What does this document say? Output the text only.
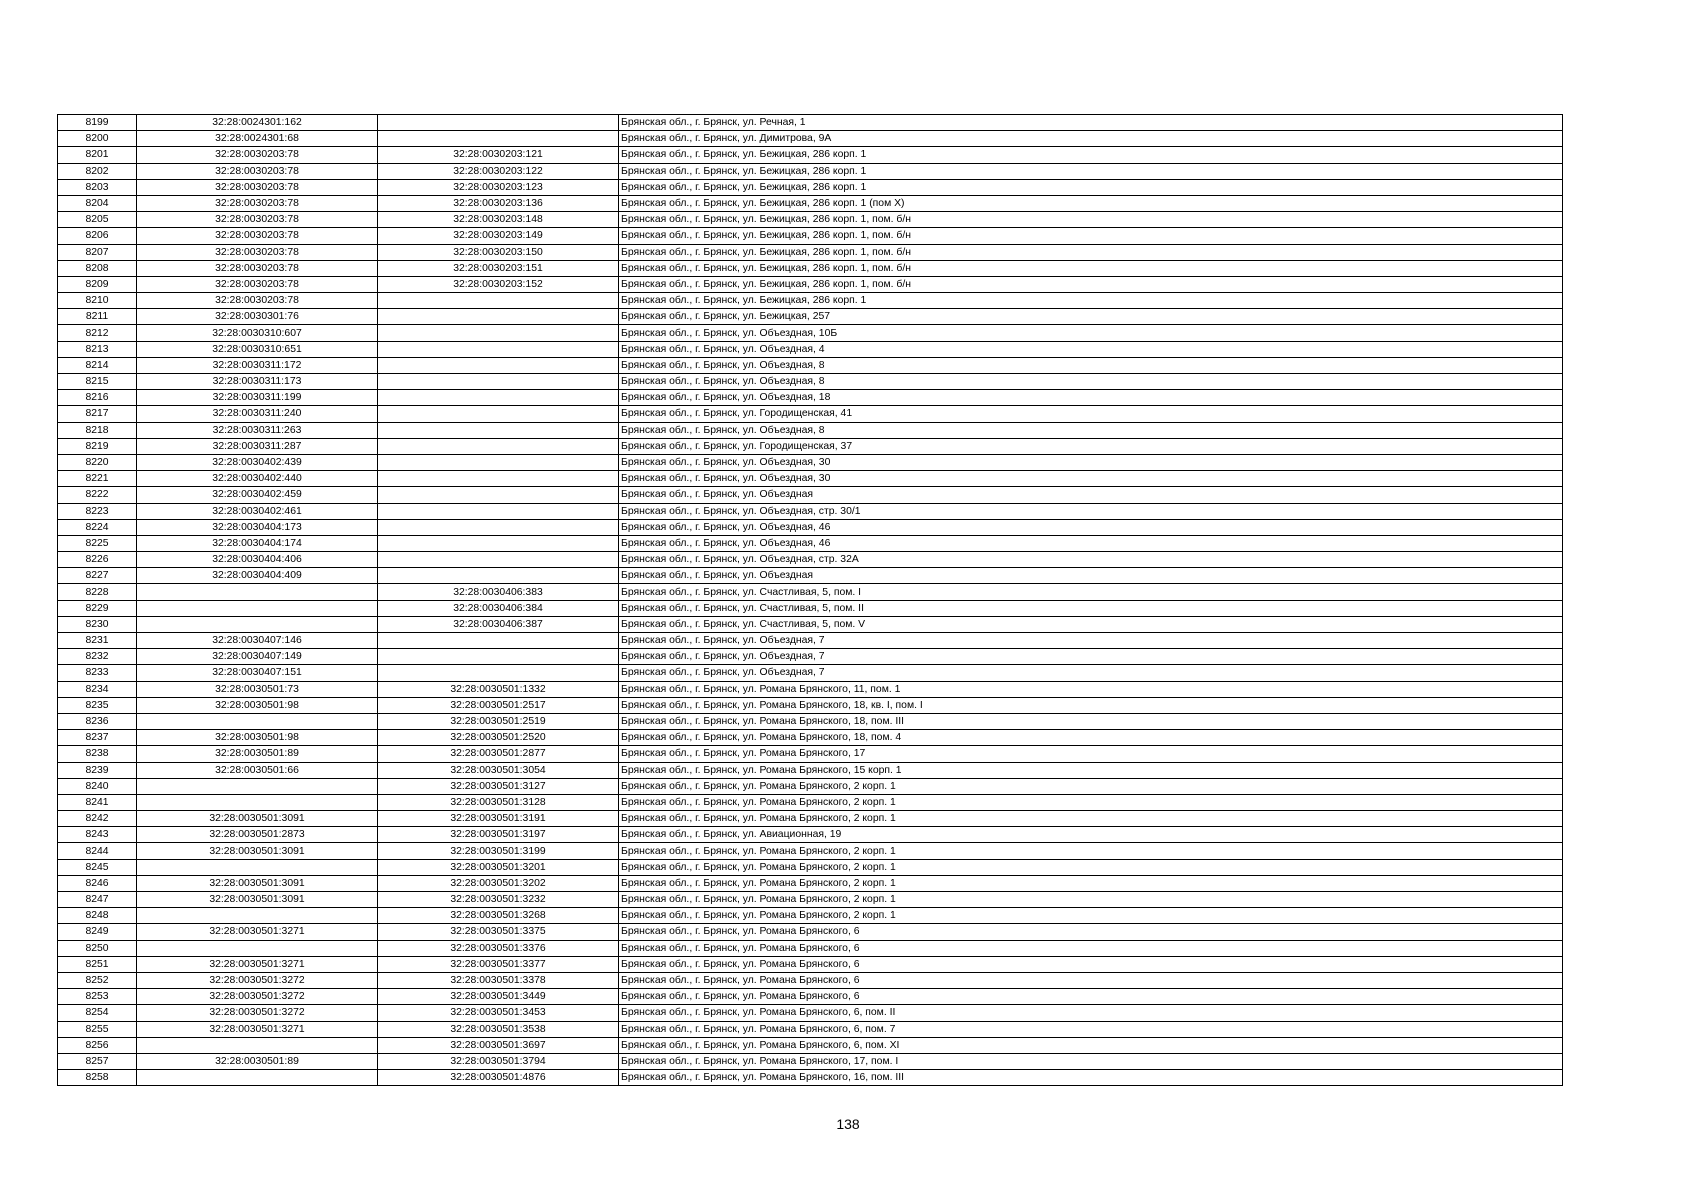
8199	32:28:0024301:162		Брянская обл., г. Брянск, ул. Речная, 1
8200	32:28:0024301:68		Брянская обл., г. Брянск, ул. Димитрова, 9А
8201	32:28:0030203:78	32:28:0030203:121	Брянская обл., г. Брянск, ул. Бежицкая, 286 корп. 1
8202	32:28:0030203:78	32:28:0030203:122	Брянская обл., г. Брянск, ул. Бежицкая, 286 корп. 1
8203	32:28:0030203:78	32:28:0030203:123	Брянская обл., г. Брянск, ул. Бежицкая, 286 корп. 1
8204	32:28:0030203:78	32:28:0030203:136	Брянская обл., г. Брянск, ул. Бежицкая, 286 корп. 1 (пом X)
8205	32:28:0030203:78	32:28:0030203:148	Брянская обл., г. Брянск, ул. Бежицкая, 286 корп. 1, пом. б/н
8206	32:28:0030203:78	32:28:0030203:149	Брянская обл., г. Брянск, ул. Бежицкая, 286 корп. 1, пом. б/н
8207	32:28:0030203:78	32:28:0030203:150	Брянская обл., г. Брянск, ул. Бежицкая, 286 корп. 1, пом. б/н
8208	32:28:0030203:78	32:28:0030203:151	Брянская обл., г. Брянск, ул. Бежицкая, 286 корп. 1, пом. б/н
8209	32:28:0030203:78	32:28:0030203:152	Брянская обл., г. Брянск, ул. Бежицкая, 286 корп. 1, пом. б/н
8210	32:28:0030203:78		Брянская обл., г. Брянск, ул. Бежицкая, 286 корп. 1
8211	32:28:0030301:76		Брянская обл., г. Брянск, ул. Бежицкая, 257
8212	32:28:0030310:607		Брянская обл., г. Брянск, ул. Объездная, 10Б
8213	32:28:0030310:651		Брянская обл., г. Брянск, ул. Объездная, 4
8214	32:28:0030311:172		Брянская обл., г. Брянск, ул. Объездная, 8
8215	32:28:0030311:173		Брянская обл., г. Брянск, ул. Объездная, 8
8216	32:28:0030311:199		Брянская обл., г. Брянск, ул. Объездная, 18
8217	32:28:0030311:240		Брянская обл., г. Брянск, ул. Городищенская, 41
8218	32:28:0030311:263		Брянская обл., г. Брянск, ул. Объездная, 8
8219	32:28:0030311:287		Брянская обл., г. Брянск, ул. Городищенская, 37
8220	32:28:0030402:439		Брянская обл., г. Брянск, ул. Объездная, 30
8221	32:28:0030402:440		Брянская обл., г. Брянск, ул. Объездная, 30
8222	32:28:0030402:459		Брянская обл., г. Брянск, ул. Объездная
8223	32:28:0030402:461		Брянская обл., г. Брянск, ул. Объездная, стр. 30/1
8224	32:28:0030404:173		Брянская обл., г. Брянск, ул. Объездная, 46
8225	32:28:0030404:174		Брянская обл., г. Брянск, ул. Объездная, 46
8226	32:28:0030404:406		Брянская обл., г. Брянск, ул. Объездная, стр. 32А
8227	32:28:0030404:409		Брянская обл., г. Брянск, ул. Объездная
8228		32:28:0030406:383	Брянская обл., г. Брянск, ул. Счастливая, 5, пом. I
8229		32:28:0030406:384	Брянская обл., г. Брянск, ул. Счастливая, 5, пом. II
8230		32:28:0030406:387	Брянская обл., г. Брянск, ул. Счастливая, 5, пом. V
8231	32:28:0030407:146		Брянская обл., г. Брянск, ул. Объездная, 7
8232	32:28:0030407:149		Брянская обл., г. Брянск, ул. Объездная, 7
8233	32:28:0030407:151		Брянская обл., г. Брянск, ул. Объездная, 7
8234	32:28:0030501:73	32:28:0030501:1332	Брянская обл., г. Брянск, ул. Романа Брянского, 11, пом. 1
8235	32:28:0030501:98	32:28:0030501:2517	Брянская обл., г. Брянск, ул. Романа Брянского, 18, кв. I, пом. I
8236		32:28:0030501:2519	Брянская обл., г. Брянск, ул. Романа Брянского, 18, пом. III
8237	32:28:0030501:98	32:28:0030501:2520	Брянская обл., г. Брянск, ул. Романа Брянского, 18, пом. 4
8238	32:28:0030501:89	32:28:0030501:2877	Брянская обл., г. Брянск, ул. Романа Брянского, 17
8239	32:28:0030501:66	32:28:0030501:3054	Брянская обл., г. Брянск, ул. Романа Брянского, 15 корп. 1
8240		32:28:0030501:3127	Брянская обл., г. Брянск, ул. Романа Брянского, 2 корп. 1
8241		32:28:0030501:3128	Брянская обл., г. Брянск, ул. Романа Брянского, 2 корп. 1
8242	32:28:0030501:3091	32:28:0030501:3191	Брянская обл., г. Брянск, ул. Романа Брянского, 2 корп. 1
8243	32:28:0030501:2873	32:28:0030501:3197	Брянская обл., г. Брянск, ул. Авиационная, 19
8244	32:28:0030501:3091	32:28:0030501:3199	Брянская обл., г. Брянск, ул. Романа Брянского, 2 корп. 1
8245		32:28:0030501:3201	Брянская обл., г. Брянск, ул. Романа Брянского, 2 корп. 1
8246	32:28:0030501:3091	32:28:0030501:3202	Брянская обл., г. Брянск, ул. Романа Брянского, 2 корп. 1
8247	32:28:0030501:3091	32:28:0030501:3232	Брянская обл., г. Брянск, ул. Романа Брянского, 2 корп. 1
8248		32:28:0030501:3268	Брянская обл., г. Брянск, ул. Романа Брянского, 2 корп. 1
8249	32:28:0030501:3271	32:28:0030501:3375	Брянская обл., г. Брянск, ул. Романа Брянского, 6
8250		32:28:0030501:3376	Брянская обл., г. Брянск, ул. Романа Брянского, 6
8251	32:28:0030501:3271	32:28:0030501:3377	Брянская обл., г. Брянск, ул. Романа Брянского, 6
8252	32:28:0030501:3272	32:28:0030501:3378	Брянская обл., г. Брянск, ул. Романа Брянского, 6
8253	32:28:0030501:3272	32:28:0030501:3449	Брянская обл., г. Брянск, ул. Романа Брянского, 6
8254	32:28:0030501:3272	32:28:0030501:3453	Брянская обл., г. Брянск, ул. Романа Брянского, 6, пом. II
8255	32:28:0030501:3271	32:28:0030501:3538	Брянская обл., г. Брянск, ул. Романа Брянского, 6, пом. 7
8256		32:28:0030501:3697	Брянская обл., г. Брянск, ул. Романа Брянского, 6, пом. XI
8257	32:28:0030501:89	32:28:0030501:3794	Брянская обл., г. Брянск, ул. Романа Брянского, 17, пом. I
8258		32:28:0030501:4876	Брянская обл., г. Брянск, ул. Романа Брянского, 16, пом. III
138
